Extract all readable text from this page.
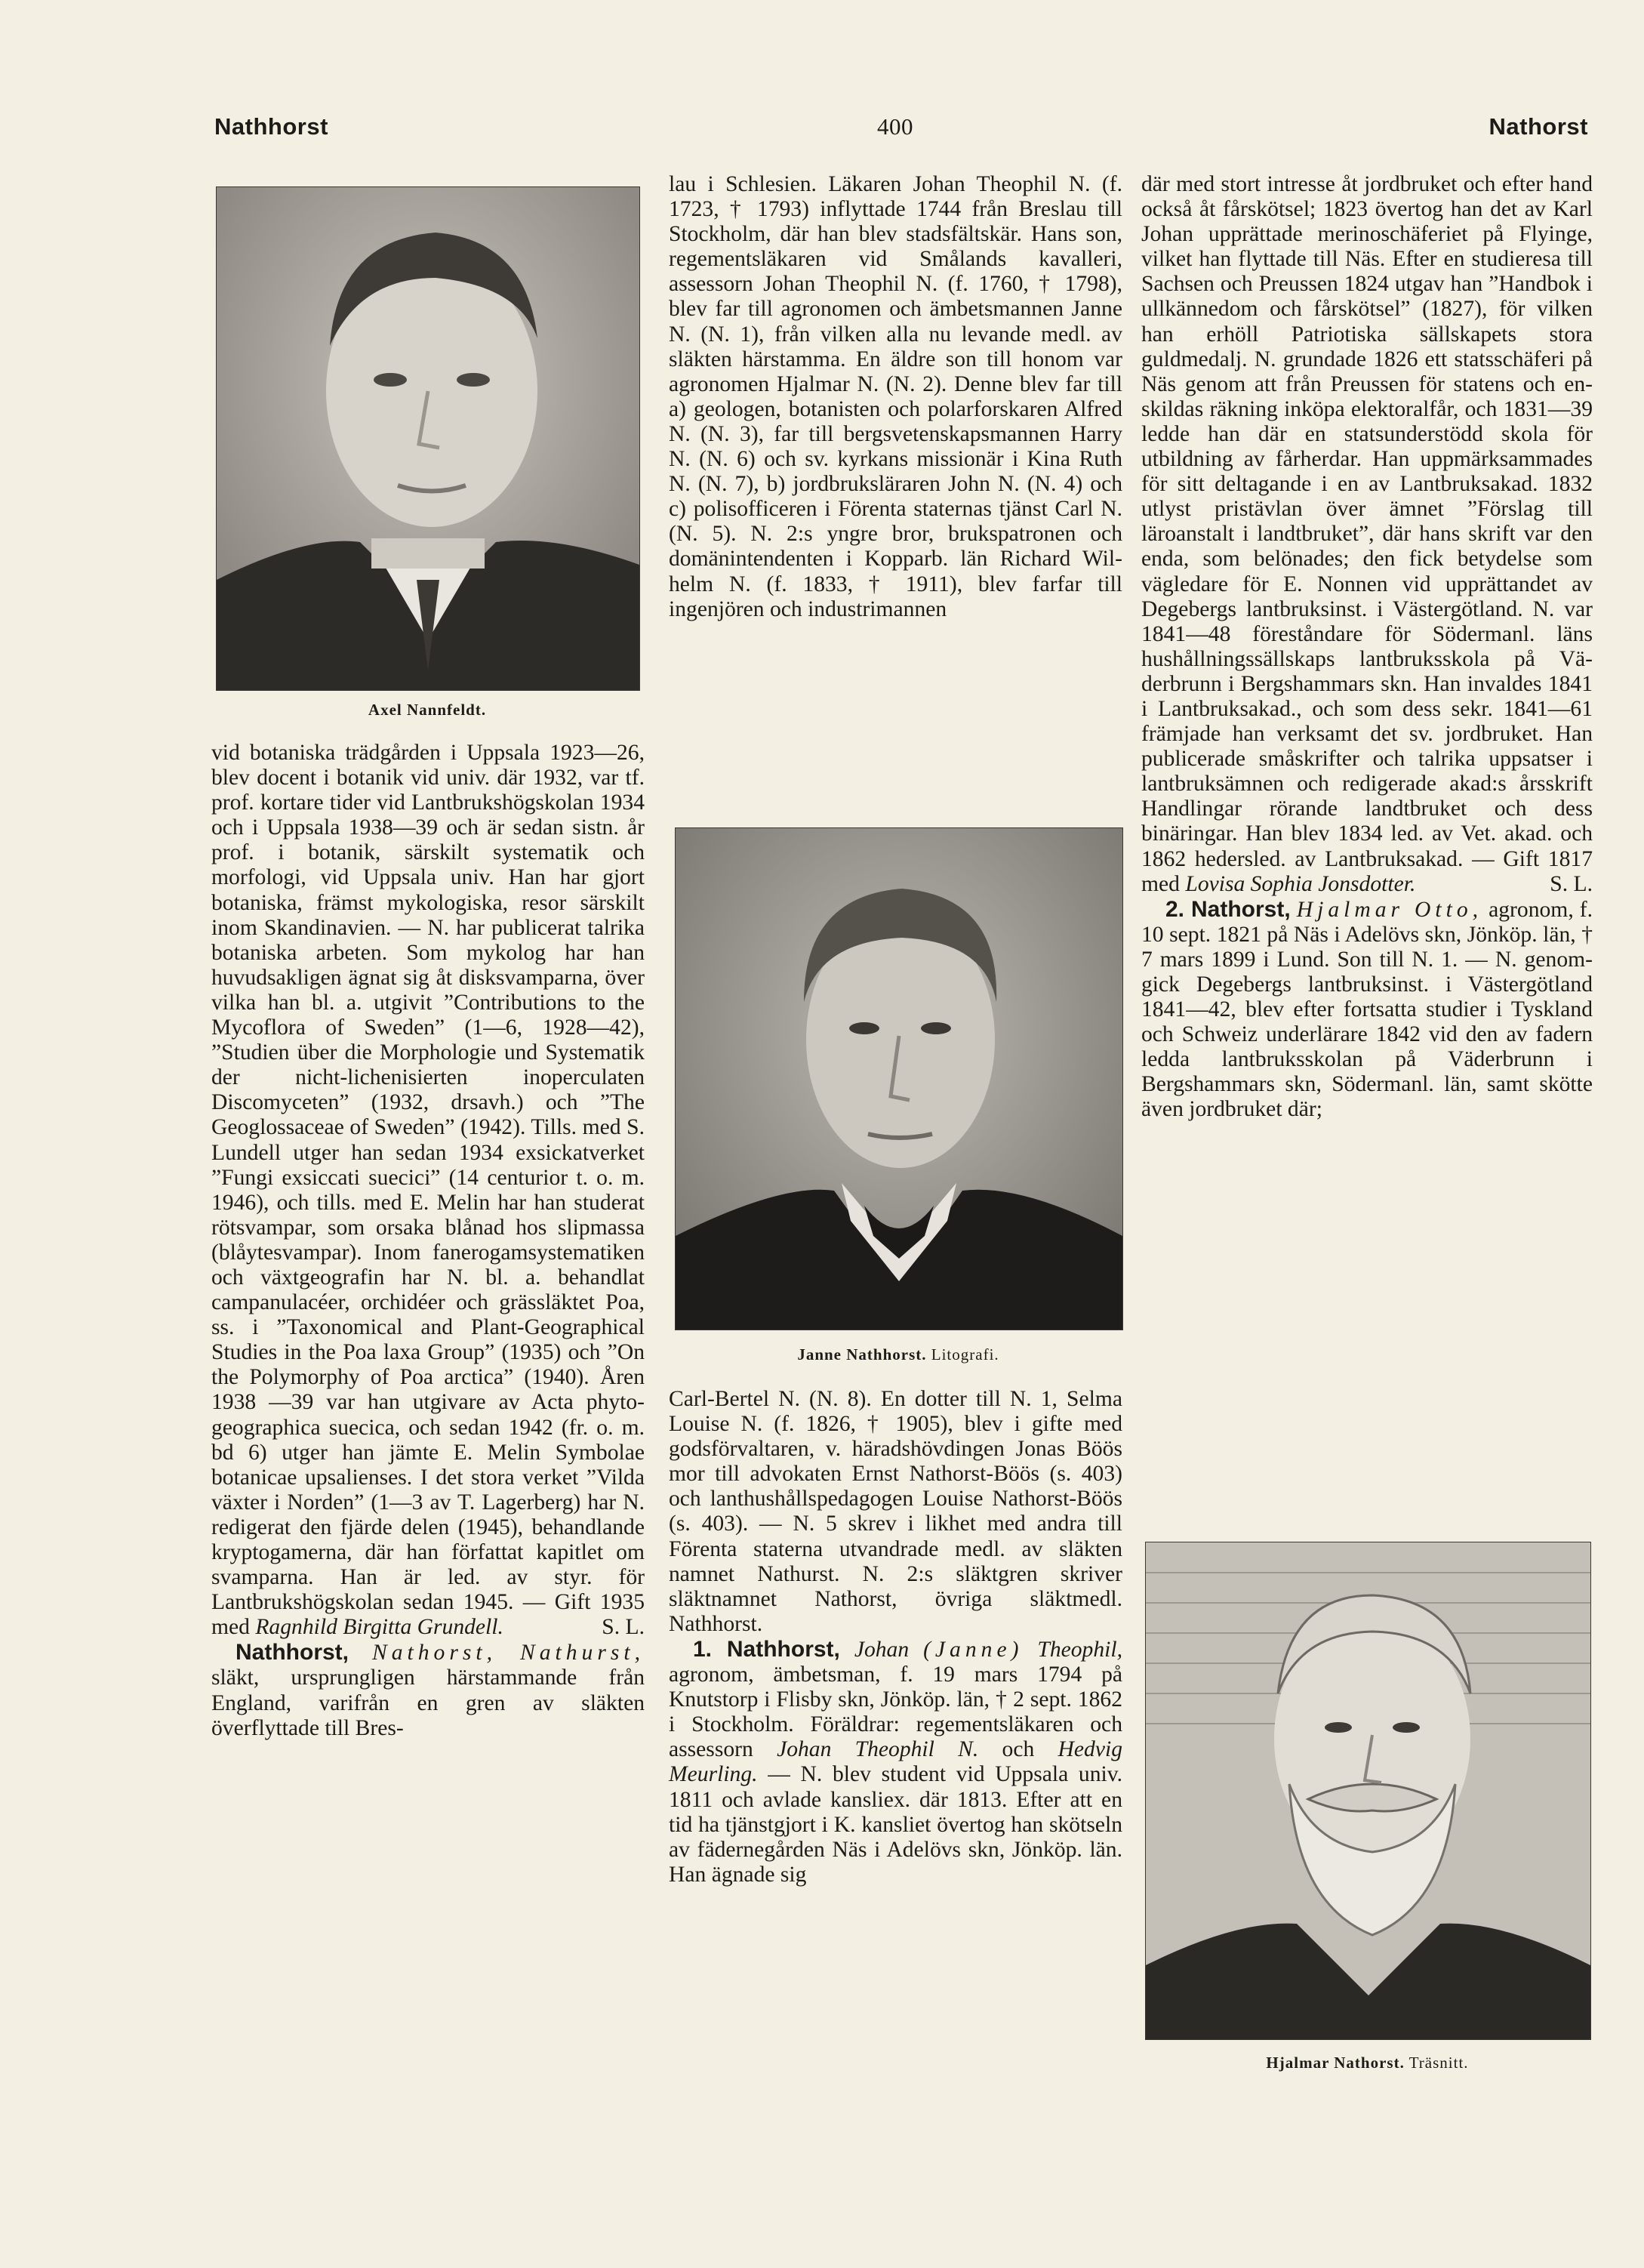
Nathhorst	400	Nathorst
Axel Nannfeldt.

vid botaniska trädgården i Uppsala 1923—26, blev docent i botanik vid univ. där 1932, var tf. prof. kortare tider vid Lantbrukshögskolan 1934 och i Uppsala 1938—39 och är sedan sistn. år prof. i botanik, särskilt systematik och morfologi, vid Uppsala univ. Han har gjort botaniska, främst mykologiska, resor särskilt inom Skandinavien. — N. har publicerat talrika botaniska arbeten. Som mykolog har han huvudsakligen ägnat sig åt disksvamparna, över vilka han bl. a. utgivit ”Contributions to the Mycoflora of Sweden” (1—6, 1928—42), ”Studien über die Morphologie und Systematik der nicht-lichenisierten inoperculaten Discomyceten” (1932, drsavh.) och ”The Geoglossaceae of Sweden” (1942). Tills. med S. Lundell utger han sedan 1934 exsickatverket ”Fungi exsiccati suecici” (14 centurior t. o. m. 1946), och tills. med E. Melin har han studerat rötsvampar, som orsaka blånad hos slipmassa (blåytesvampar). Inom fanerogamsystematiken och växtgeografin har N. bl. a. behandlat campanulacéer, orchidéer och grässläktet Poa, ss. i ”Taxonomical and Plant-Geographical Studies in the Poa laxa Group” (1935) och ”On the Polymorphy of Poa arctica” (1940). Åren 1938 —39 var han utgivare av Acta phytogeographica suecica, och sedan 1942 (fr. o. m. bd 6) utger han jämte E. Melin Symbolae botanicae upsalienses. I det stora verket ”Vilda växter i Norden” (1—3 av T. Lagerberg) har N. redigerat den fjärde delen (1945), behandlande kryptogamerna, där han författat kapitlet om svamparna. Han är led. av styr. för Lantbrukshögskolan sedan 1945. — Gift 1935 med Ragnhild Birgitta Grundell.	S. L.

Nathhorst, Nathorst, Nathurst, släkt, ursprungligen härstammande från England, varifrån en gren av släkten överflyttade till Bres-

lau i Schlesien. Läkaren Johan Theophil N. (f. 1723, † 1793) inflyttade 1744 från Breslau till Stockholm, där han blev stadsfältskär. Hans son, regementsläkaren vid Smålands kavalleri, assessorn Johan Theophil N. (f. 1760, † 1798), blev far till agronomen och ämbetsmannen Janne N. (N. 1), från vilken alla nu levande medl. av släkten härstamma. En äldre son till honom var agronomen Hjalmar N. (N. 2). Denne blev far till a) geologen, botanisten och polarforskaren Alfred N. (N. 3), far till bergsvetenskapsmannen Harry N. (N. 6) och sv. kyrkans missionär i Kina Ruth N. (N. 7), b) jordbruksläraren John N. (N. 4) och c) polisofficeren i Förenta staternas tjänst Carl N. (N. 5). N. 2:s yngre bror, brukspatronen och domänintendenten i Kopparb. län Richard Wilhelm N. (f. 1833, † 1911), blev farfar till ingenjören och industrimannen

Janne Nathhorst. Litografi.

Carl-Bertel N. (N. 8). En dotter till N. 1, Selma Louise N. (f. 1826, † 1905), blev i gifte med godsförvaltaren, v. häradshövdingen Jonas Böös mor till advokaten Ernst Nathorst-Böös (s. 403) och lanthushållspedagogen Louise Nathorst-Böös (s. 403). — N. 5 skrev i likhet med andra till Förenta staterna utvandrade medl. av släkten namnet Nathurst. N. 2:s släktgren skriver släktnamnet Nathorst, övriga släktmedl. Nathhorst.

1. Nathhorst, Johan (Janne) Theophil, agronom, ämbetsman, f. 19 mars 1794 på Knutstorp i Flisby skn, Jönköp. län, † 2 sept. 1862 i Stockholm. Föräldrar: regementsläkaren och assessorn Johan Theophil N. och Hedvig Meurling. — N. blev student vid Uppsala univ. 1811 och avlade kansliex. där 1813. Efter att en tid ha tjänstgjort i K. kansliet övertog han skötseln av fädernegården Näs i Adelövs skn, Jönköp. län. Han ägnade sig

där med stort intresse åt jordbruket och efter hand också åt fårskötsel; 1823 övertog han det av Karl Johan upprättade merinoschäferiet på Flyinge, vilket han flyttade till Näs. Efter en studieresa till Sachsen och Preussen 1824 utgav han ”Handbok i ullkännedom och fårskötsel” (1827), för vilken han erhöll Patriotiska sällskapets stora guldmedalj. N. grundade 1826 ett statsschäferi på Näs genom att från Preussen för statens och enskildas räkning inköpa elektoralfår, och 1831—39 ledde han där en statsunderstödd skola för utbildning av fårherdar. Han uppmärksammades för sitt deltagande i en av Lantbruksakad. 1832 utlyst pristävlan över ämnet ”Förslag till läroanstalt i landtbruket”, där hans skrift var den enda, som belönades; den fick betydelse som vägledare för E. Nonnen vid upprättandet av Degebergs lantbruksinst. i Västergötland. N. var 1841—48 föreståndare för Södermanl. läns hushållningssällskaps lantbruksskola på Väderbrunn i Bergshammars skn. Han invaldes 1841 i Lantbruksakad., och som dess sekr. 1841—61 främjade han verksamt det sv. jordbruket. Han publicerade småskrifter och talrika uppsatser i lantbruksämnen och redigerade akad:s årsskrift Handlingar rörande landtbruket och dess binäringar. Han blev 1834 led. av Vet. akad. och 1862 hedersled. av Lantbruksakad. — Gift 1817 med Lovisa Sophia Jonsdotter.	S. L.

2. Nathorst, Hjalmar Otto, agronom, f. 10 sept. 1821 på Näs i Adelövs skn, Jönköp. län, † 7 mars 1899 i Lund. Son till N. 1. — N. genomgick Degebergs lantbruksinst. i Västergötland 1841—42, blev efter fortsatta studier i Tyskland och Schweiz underlärare 1842 vid den av fadern ledda lantbruksskolan på Väderbrunn i Bergshammars skn, Södermanl. län, samt skötte även jordbruket där;

Hjalmar Nathorst. Träsnitt.
